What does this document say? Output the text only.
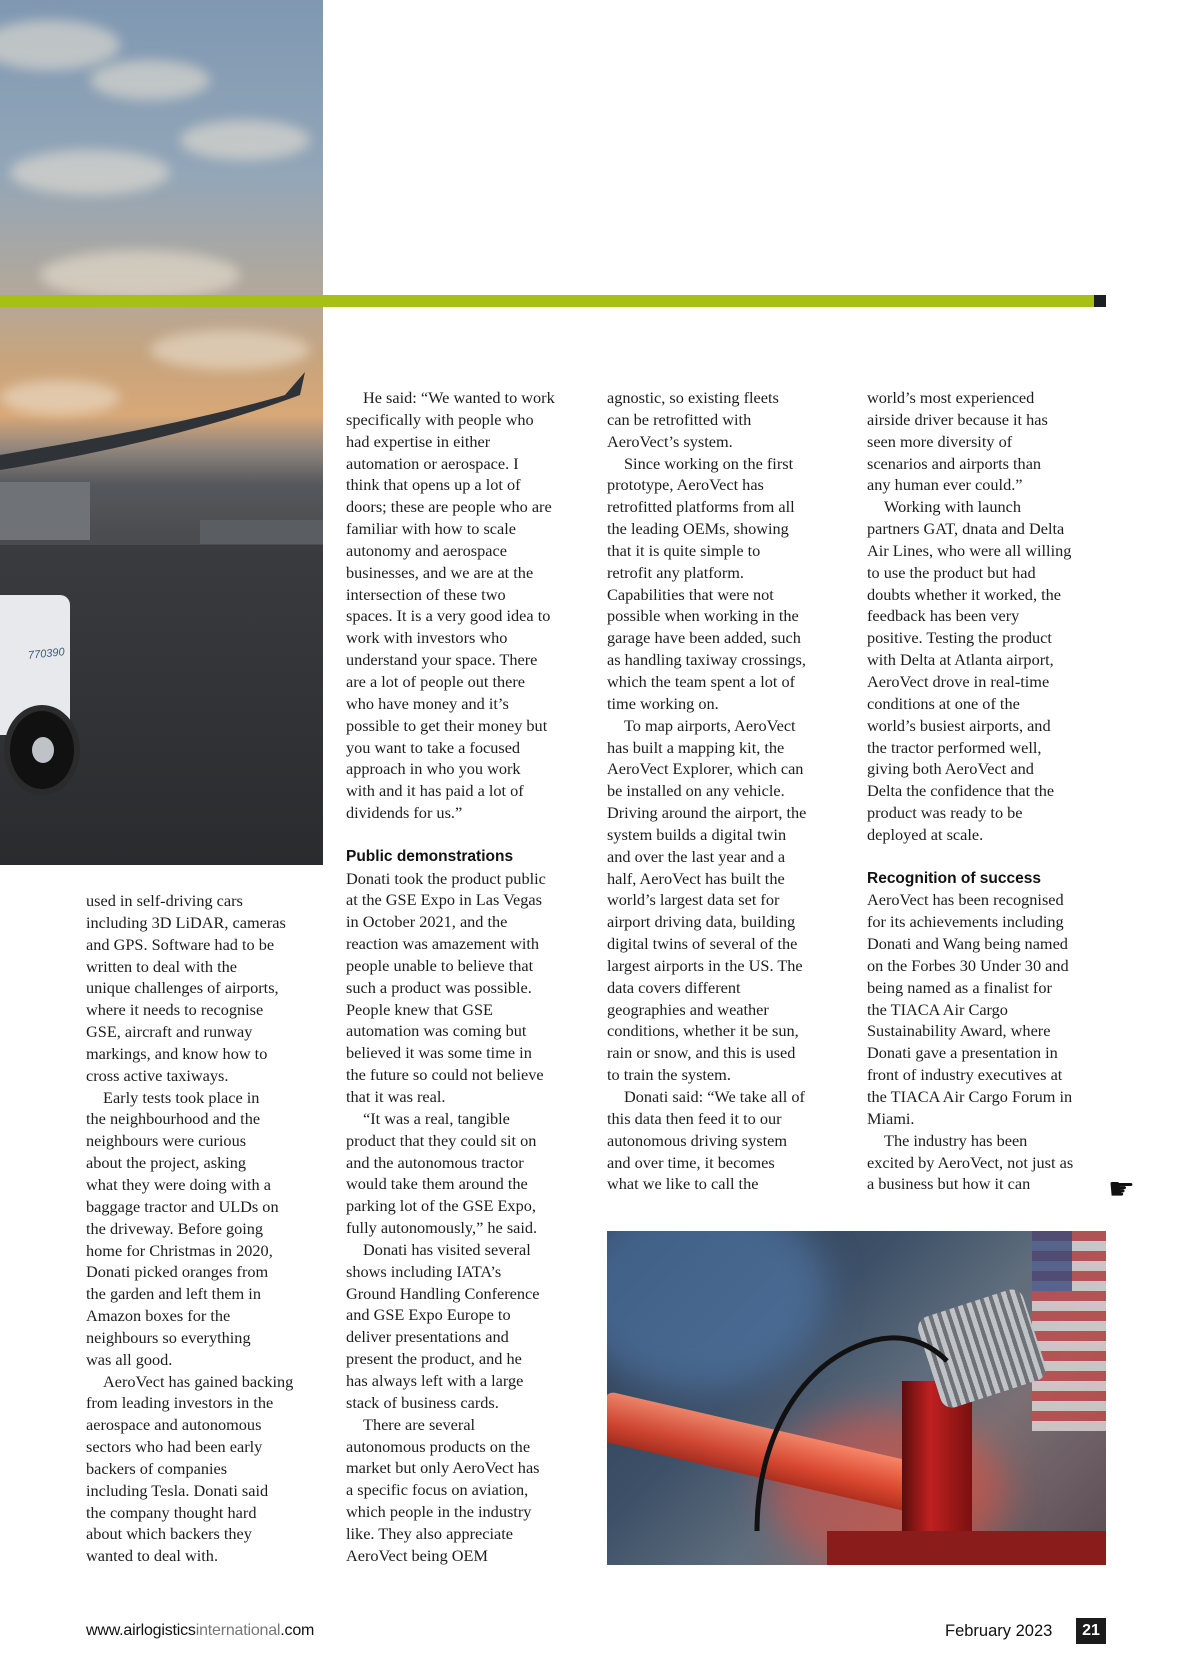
770390

used in self-driving cars
including 3D LiDAR, cameras
and GPS. Software had to be
written to deal with the
unique challenges of airports,
where it needs to recognise
GSE, aircraft and runway
markings, and know how to
cross active taxiways.

Early tests took place in
the neighbourhood and the
neighbours were curious
about the project, asking
what they were doing with a
baggage tractor and ULDs on
the driveway. Before going
home for Christmas in 2020,
Donati picked oranges from
the garden and left them in
Amazon boxes for the
neighbours so everything
was all good.

AeroVect has gained backing
from leading investors in the
aerospace and autonomous
sectors who had been early
backers of companies
including Tesla. Donati said
the company thought hard
about which backers they
wanted to deal with.

He said: “We wanted to work
specifically with people who
had expertise in either
automation or aerospace. I
think that opens up a lot of
doors; these are people who are
familiar with how to scale
autonomy and aerospace
businesses, and we are at the
intersection of these two
spaces. It is a very good idea to
work with investors who
understand your space. There
are a lot of people out there
who have money and it’s
possible to get their money but
you want to take a focused
approach in who you work
with and it has paid a lot of
dividends for us.”

Public demonstrations

Donati took the product public
at the GSE Expo in Las Vegas
in October 2021, and the
reaction was amazement with
people unable to believe that
such a product was possible.
People knew that GSE
automation was coming but
believed it was some time in
the future so could not believe
that it was real.

“It was a real, tangible
product that they could sit on
and the autonomous tractor
would take them around the
parking lot of the GSE Expo,
fully autonomously,” he said.

Donati has visited several
shows including IATA’s
Ground Handling Conference
and GSE Expo Europe to
deliver presentations and
present the product, and he
has always left with a large
stack of business cards.

There are several
autonomous products on the
market but only AeroVect has
a specific focus on aviation,
which people in the industry
like. They also appreciate
AeroVect being OEM

agnostic, so existing fleets
can be retrofitted with
AeroVect’s system.

Since working on the first
prototype, AeroVect has
retrofitted platforms from all
the leading OEMs, showing
that it is quite simple to
retrofit any platform.
Capabilities that were not
possible when working in the
garage have been added, such
as handling taxiway crossings,
which the team spent a lot of
time working on.

To map airports, AeroVect
has built a mapping kit, the
AeroVect Explorer, which can
be installed on any vehicle.
Driving around the airport, the
system builds a digital twin
and over the last year and a
half, AeroVect has built the
world’s largest data set for
airport driving data, building
digital twins of several of the
largest airports in the US. The
data covers different
geographies and weather
conditions, whether it be sun,
rain or snow, and this is used
to train the system.

Donati said: “We take all of
this data then feed it to our
autonomous driving system
and over time, it becomes
what we like to call the

world’s most experienced
airside driver because it has
seen more diversity of
scenarios and airports than
any human ever could.”

Working with launch
partners GAT, dnata and Delta
Air Lines, who were all willing
to use the product but had
doubts whether it worked, the
feedback has been very
positive. Testing the product
with Delta at Atlanta airport,
AeroVect drove in real-time
conditions at one of the
world’s busiest airports, and
the tractor performed well,
giving both AeroVect and
Delta the confidence that the
product was ready to be
deployed at scale.

Recognition of success

AeroVect has been recognised
for its achievements including
Donati and Wang being named
on the Forbes 30 Under 30 and
being named as a finalist for
the TIACA Air Cargo
Sustainability Award, where
Donati gave a presentation in
front of industry executives at
the TIACA Air Cargo Forum in
Miami.

The industry has been
excited by AeroVect, not just as
a business but how it can	☛
www.airlogisticsinternational.com	February 2023	21
